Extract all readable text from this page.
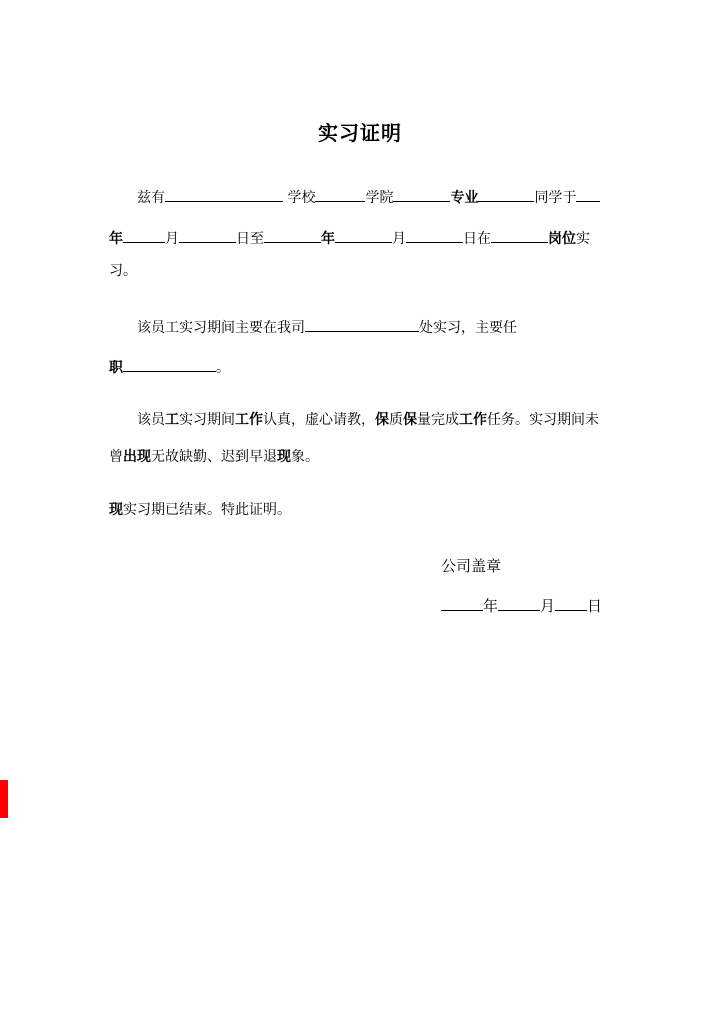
实习证明
兹有	学校	学院	专业	同学于
年	月	日至	年	月	日在	岗位实
习。
该员工实习期间主要在我司	处实习，主要任
职	。
该员工实习期间工作认真，虚心请教，保质保量完成工作任务。实习期间未
曾出现无故缺勤、迟到早退现象。
现实习期已结束。特此证明。
公司盖章
年	月 日
